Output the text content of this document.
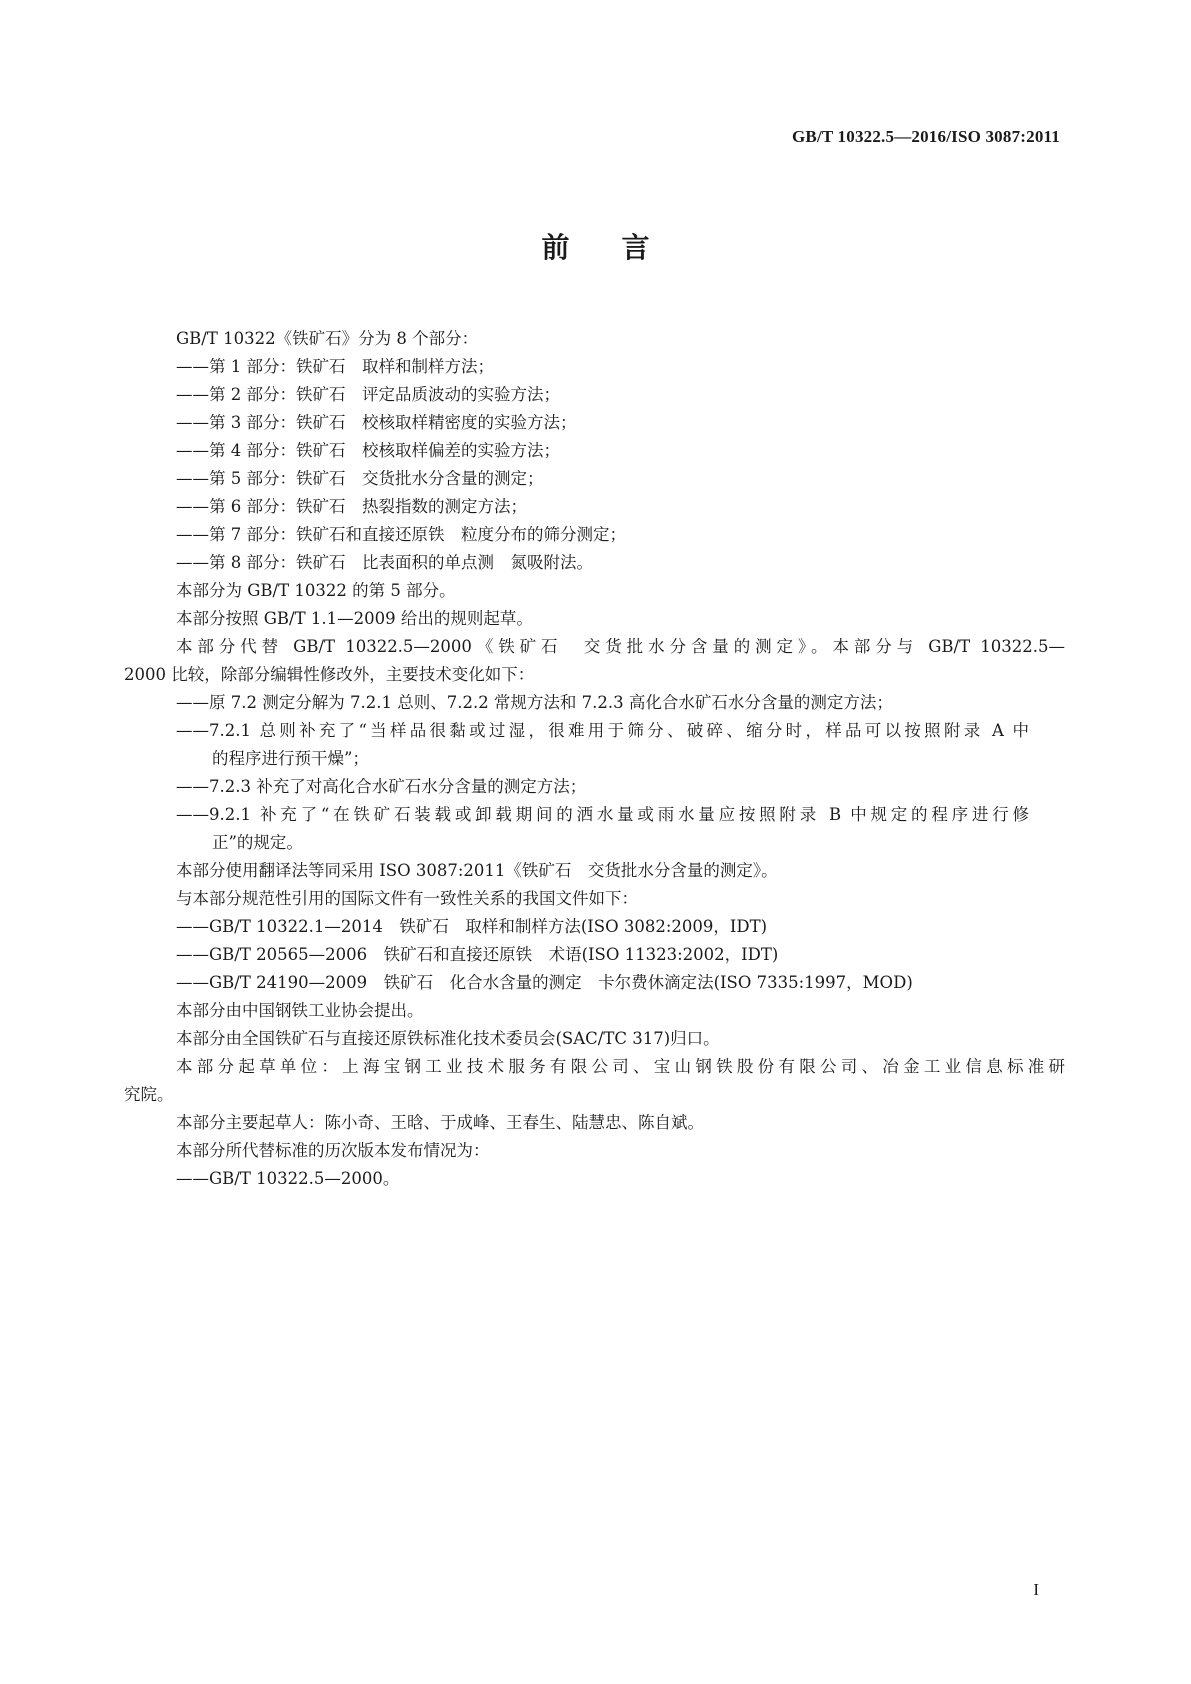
GB/T 10322.5—2016/ISO 3087:2011
前言
GB/T 10322《铁矿石》分为 8 个部分：
——第 1 部分：铁矿石　取样和制样方法；
——第 2 部分：铁矿石　评定品质波动的实验方法；
——第 3 部分：铁矿石　校核取样精密度的实验方法；
——第 4 部分：铁矿石　校核取样偏差的实验方法；
——第 5 部分：铁矿石　交货批水分含量的测定；
——第 6 部分：铁矿石　热裂指数的测定方法；
——第 7 部分：铁矿石和直接还原铁　粒度分布的筛分测定；
——第 8 部分：铁矿石　比表面积的单点测　氮吸附法。
本部分为 GB/T 10322 的第 5 部分。
本部分按照 GB/T 1.1—2009 给出的规则起草。
本部分代替 GB/T 10322.5—2000《铁矿石　交货批水分含量的测定》。本部分与 GB/T 10322.5—
2000 比较，除部分编辑性修改外，主要技术变化如下：
——原 7.2 测定分解为 7.2.1 总则、7.2.2 常规方法和 7.2.3 高化合水矿石水分含量的测定方法；
——7.2.1 总则补充了“当样品很黏或过湿，很难用于筛分、破碎、缩分时，样品可以按照附录 A 中
的程序进行预干燥”；
——7.2.3 补充了对高化合水矿石水分含量的测定方法；
——9.2.1 补充了“在铁矿石装载或卸载期间的洒水量或雨水量应按照附录 B 中规定的程序进行修
正”的规定。
本部分使用翻译法等同采用 ISO 3087:2011《铁矿石　交货批水分含量的测定》。
与本部分规范性引用的国际文件有一致性关系的我国文件如下：
——GB/T 10322.1—2014　铁矿石　取样和制样方法(ISO 3082:2009，IDT)
——GB/T 20565—2006　铁矿石和直接还原铁　术语(ISO 11323:2002，IDT)
——GB/T 24190—2009　铁矿石　化合水含量的测定　卡尔费休滴定法(ISO 7335:1997，MOD)
本部分由中国钢铁工业协会提出。
本部分由全国铁矿石与直接还原铁标准化技术委员会(SAC/TC 317)归口。
本部分起草单位：上海宝钢工业技术服务有限公司、宝山钢铁股份有限公司、冶金工业信息标准研
究院。
本部分主要起草人：陈小奇、王晗、于成峰、王春生、陆慧忠、陈自斌。
本部分所代替标准的历次版本发布情况为：
——GB/T 10322.5—2000。
I
